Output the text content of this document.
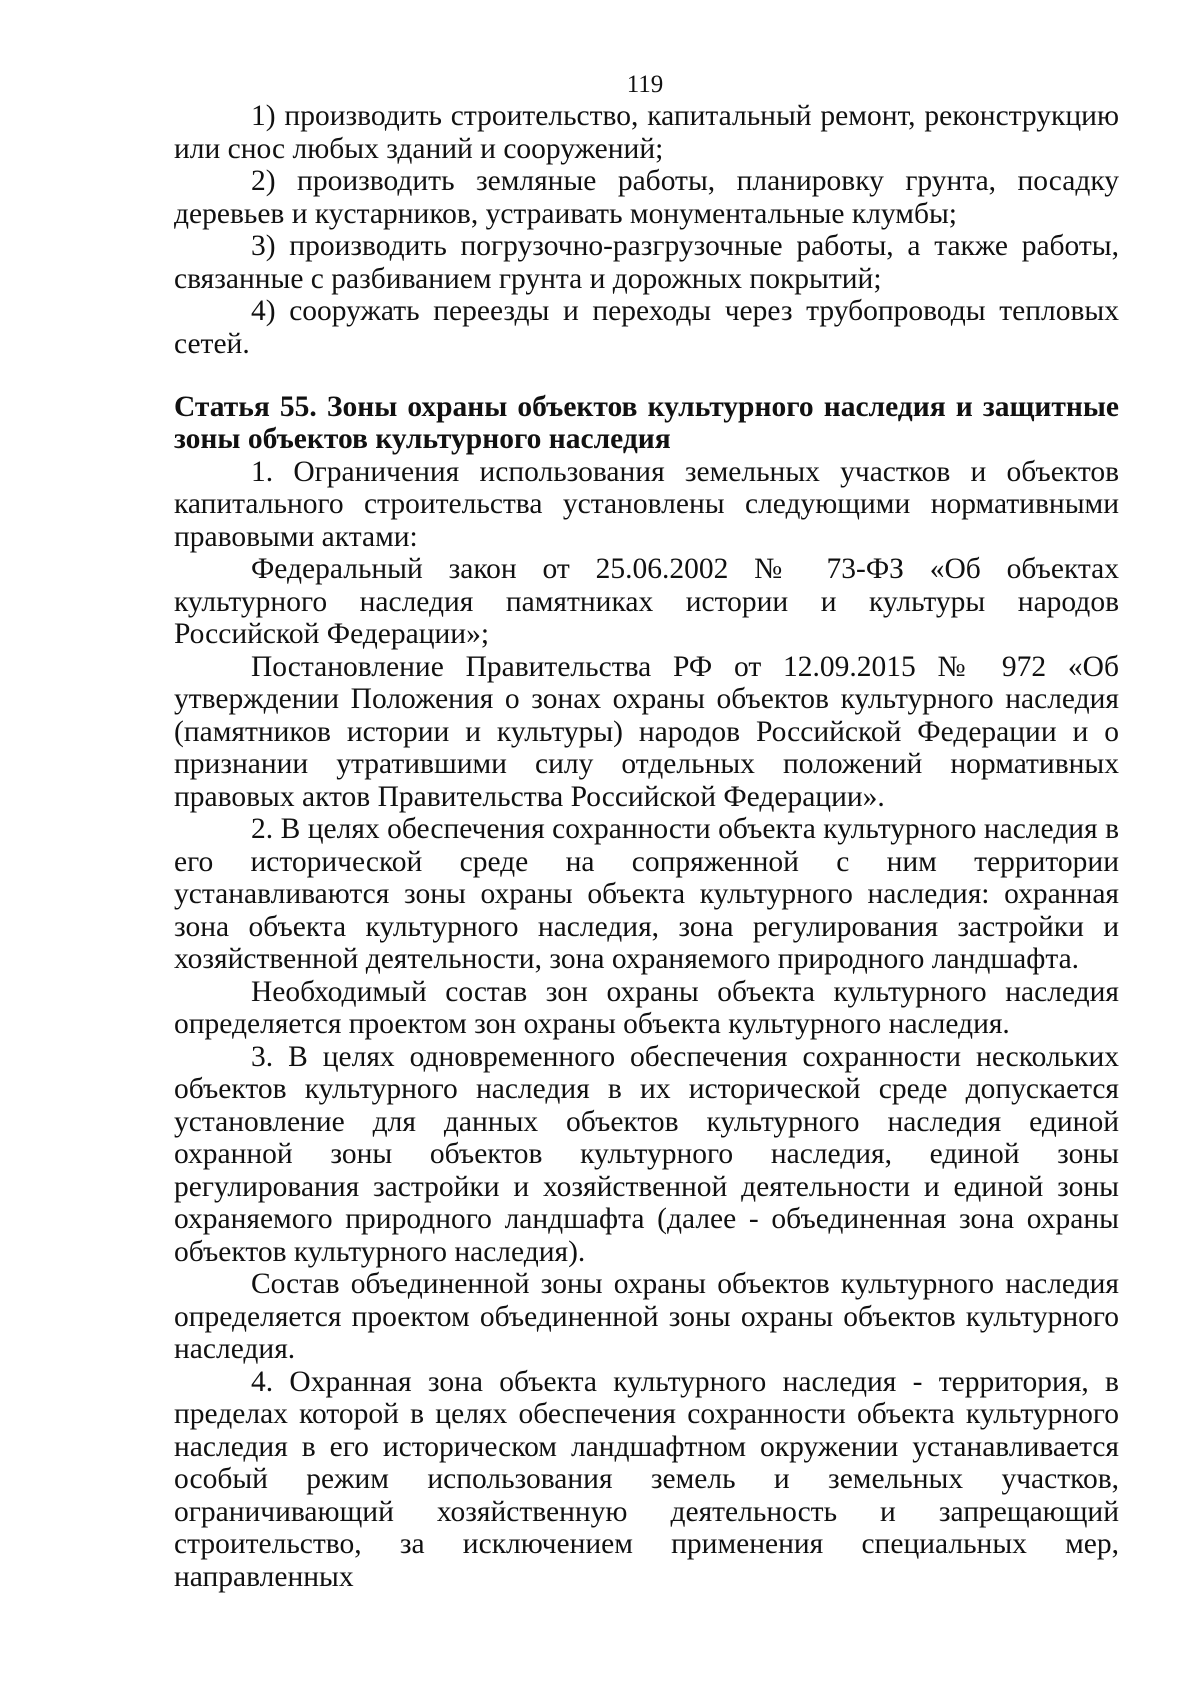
119

1) производить строительство, капитальный ремонт, реконструкцию или снос любых зданий и сооружений;

2) производить земляные работы, планировку грунта, посадку деревьев и кустарников, устраивать монументальные клумбы;

3) производить погрузочно-разгрузочные работы, а также работы, связанные с разбиванием грунта и дорожных покрытий;

4) сооружать переезды и переходы через трубопроводы тепловых сетей.

Статья 55. Зоны охраны объектов культурного наследия и защитные зоны объектов культурного наследия

1. Ограничения использования земельных участков и объектов капитального строительства установлены следующими нормативными правовыми актами:

Федеральный закон от 25.06.2002 № 73-ФЗ «Об объектах культурного наследия памятниках истории и культуры народов Российской Федерации»;

Постановление Правительства РФ от 12.09.2015 № 972 «Об утверждении Положения о зонах охраны объектов культурного наследия (памятников истории и культуры) народов Российской Федерации и о признании утратившими силу отдельных положений нормативных правовых актов Правительства Российской Федерации».

2. В целях обеспечения сохранности объекта культурного наследия в его исторической среде на сопряженной с ним территории устанавливаются зоны охраны объекта культурного наследия: охранная зона объекта культурного наследия, зона регулирования застройки и хозяйственной деятельности, зона охраняемого природного ландшафта.

Необходимый состав зон охраны объекта культурного наследия определяется проектом зон охраны объекта культурного наследия.

3. В целях одновременного обеспечения сохранности нескольких объектов культурного наследия в их исторической среде допускается установление для данных объектов культурного наследия единой охранной зоны объектов культурного наследия, единой зоны регулирования застройки и хозяйственной деятельности и единой зоны охраняемого природного ландшафта (далее - объединенная зона охраны объектов культурного наследия).

Состав объединенной зоны охраны объектов культурного наследия определяется проектом объединенной зоны охраны объектов культурного наследия.

4. Охранная зона объекта культурного наследия - территория, в пределах которой в целях обеспечения сохранности объекта культурного наследия в его историческом ландшафтном окружении устанавливается особый режим использования земель и земельных участков, ограничивающий хозяйственную деятельность и запрещающий строительство, за исключением применения специальных мер, направленных
